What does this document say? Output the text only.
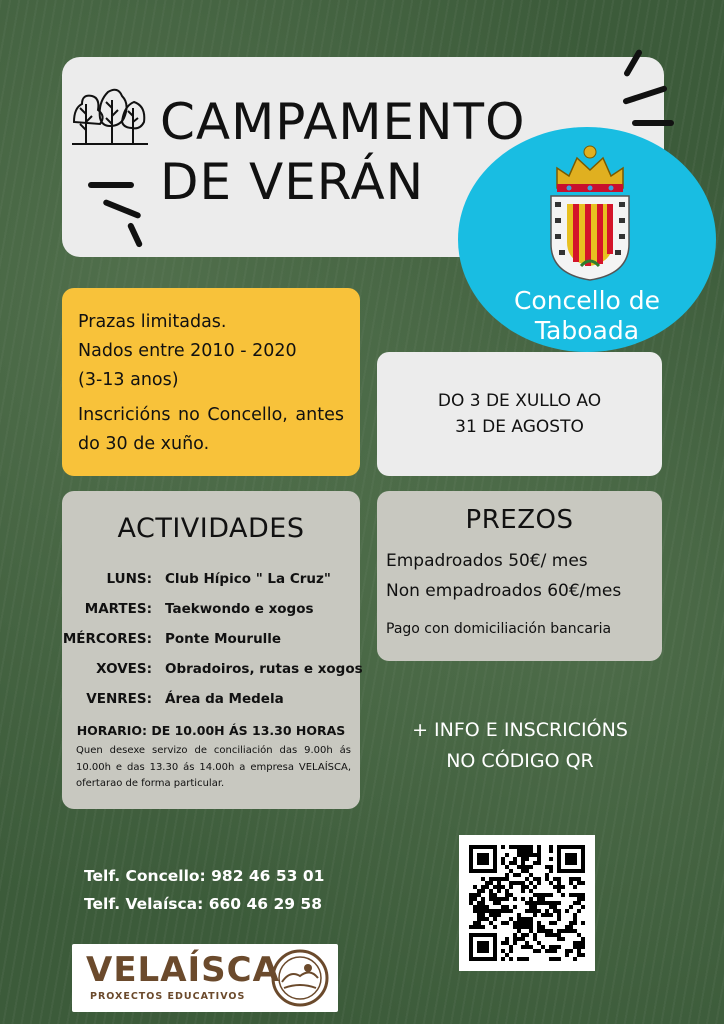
CAMPAMENTO
DE VERÁN
Concello de
Taboada

Prazas limitadas.

Nados entre 2010 - 2020

(3-13 anos)

Inscricións no Concello, antes do 30 de xuño.

DO 3 DE XULLO AO
31 DE AGOSTO
ACTIVIDADES
LUNS: Club Hípico " La Cruz"
MARTES: Taekwondo e xogos
MÉRCORES: Ponte Mourulle
XOVES: Obradoiros, rutas e xogos
VENRES: Área da Medela
HORARIO: DE 10.00H ÁS 13.30 HORAS
Quen desexe servizo de conciliación das 9.00h ás 10.00h e das 13.30 ás 14.00h a empresa VELAÍSCA, ofertarao de forma particular.
PREZOS
Empadroados 50€/ mes
Non empadroados 60€/mes
Pago con domiciliación bancaria
+ INFO E INSCRICIÓNS
NO CÓDIGO QR
Telf. Concello: 982 46 53 01
Telf. Velaísca: 660 46 29 58
VELAÍSCA
PROXECTOS EDUCATIVOS
